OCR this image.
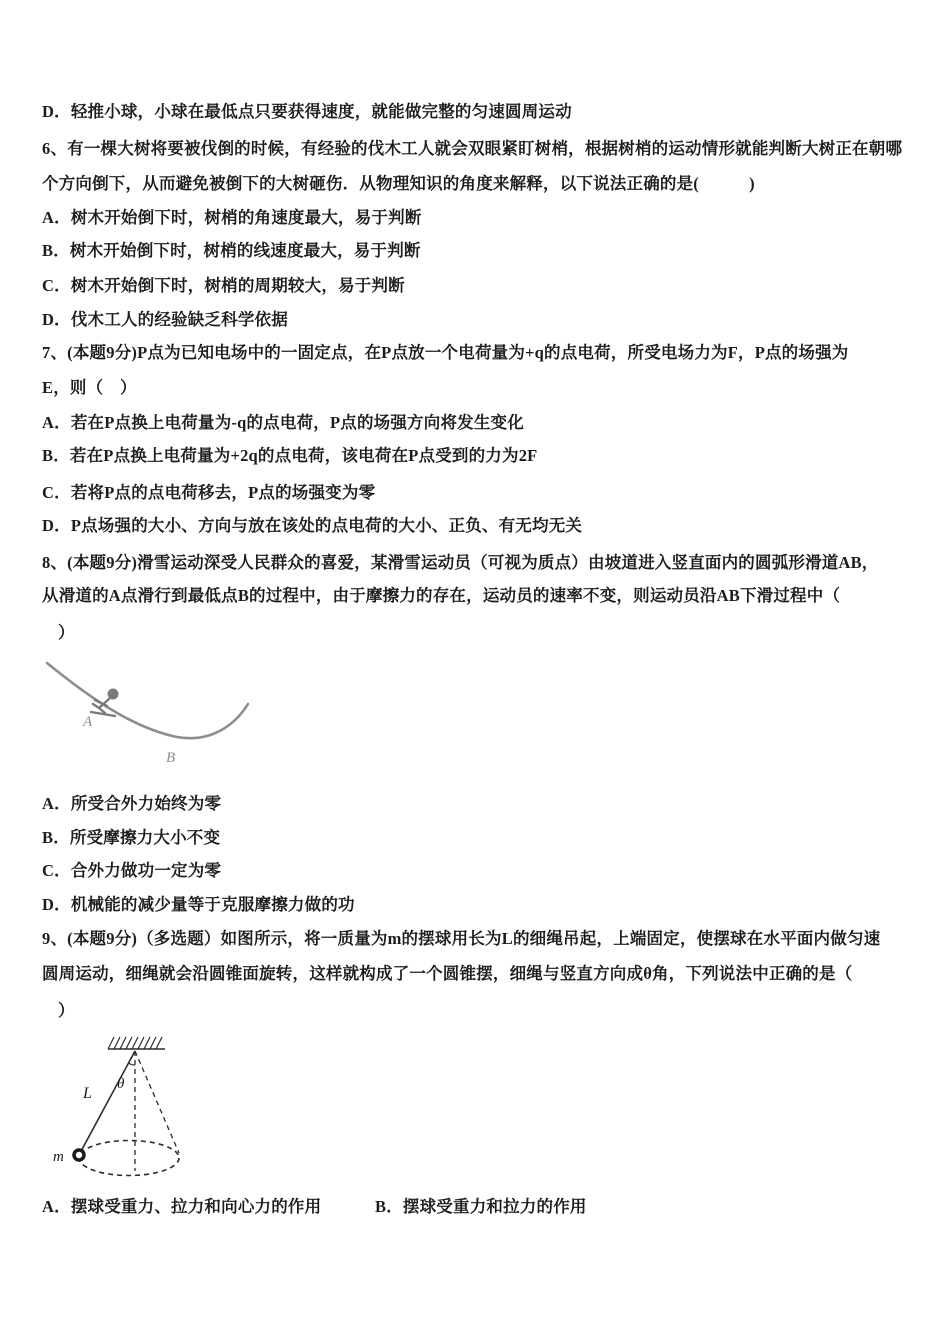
D．轻推小球，小球在最低点只要获得速度，就能做完整的匀速圆周运动
6、有一棵大树将要被伐倒的时候，有经验的伐木工人就会双眼紧盯树梢，根据树梢的运动情形就能判断大树正在朝哪
个方向倒下，从而避免被倒下的大树砸伤．从物理知识的角度来解释，以下说法正确的是(　　　)
A．树木开始倒下时，树梢的角速度最大，易于判断
B．树木开始倒下时，树梢的线速度最大，易于判断
C．树木开始倒下时，树梢的周期较大，易于判断
D．伐木工人的经验缺乏科学依据
7、(本题9分)P点为已知电场中的一固定点，在P点放一个电荷量为+q的点电荷，所受电场力为F，P点的场强为
E，则（　）
A．若在P点换上电荷量为-q的点电荷，P点的场强方向将发生变化
B．若在P点换上电荷量为+2q的点电荷，该电荷在P点受到的力为2F
C．若将P点的点电荷移去，P点的场强变为零
D．P点场强的大小、方向与放在该处的点电荷的大小、正负、有无均无关
8、(本题9分)滑雪运动深受人民群众的喜爱，某滑雪运动员（可视为质点）由坡道进入竖直面内的圆弧形滑道AB，
从滑道的A点滑行到最低点B的过程中，由于摩擦力的存在，运动员的速率不变，则运动员沿AB下滑过程中（
）
A
B
A．所受合外力始终为零
B．所受摩擦力大小不变
C．合外力做功一定为零
D．机械能的减少量等于克服摩擦力做的功
9、(本题9分)（多选题）如图所示，将一质量为m的摆球用长为L的细绳吊起，上端固定，使摆球在水平面内做匀速
圆周运动，细绳就会沿圆锥面旋转，这样就构成了一个圆锥摆，细绳与竖直方向成θ角，下列说法中正确的是（
）
L
θ
m
A．摆球受重力、拉力和向心力的作用	B．摆球受重力和拉力的作用
